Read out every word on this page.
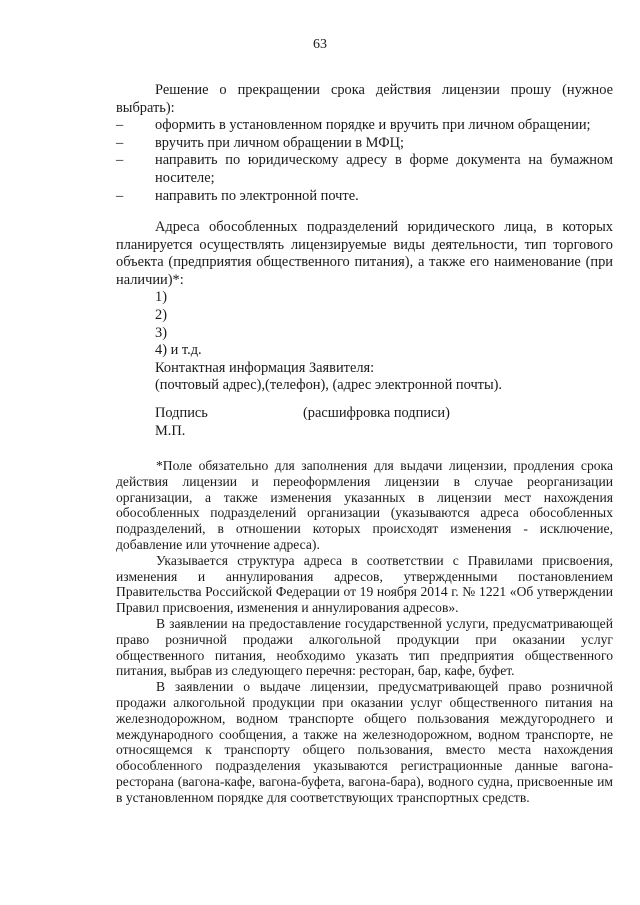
63
Решение о прекращении срока действия лицензии прошу (нужное выбрать):
–	оформить в установленном порядке и вручить при личном обращении;
–	вручить при личном обращении в МФЦ;
–	направить по юридическому адресу в форме документа на бумажном носителе;
–	направить по электронной почте.
Адреса обособленных подразделений юридического лица, в которых планируется осуществлять лицензируемые виды деятельности, тип торгового объекта (предприятия общественного питания), а также его наименование (при наличии)*:
1)
2)
3)
4) и т.д.
Контактная информация Заявителя:
(почтовый адрес),(телефон), (адрес электронной почты).
Подпись	(расшифровка подписи)
М.П.

*Поле обязательно для заполнения для выдачи лицензии, продления срока действия лицензии и переоформления лицензии в случае реорганизации организации, а также изменения указанных в лицензии мест нахождения обособленных подразделений организации (указываются адреса обособленных подразделений, в отношении которых происходят изменения - исключение, добавление или уточнение адреса).

Указывается структура адреса в соответствии с Правилами присвоения, изменения и аннулирования адресов, утвержденными постановлением Правительства Российской Федерации от 19 ноября 2014 г. № 1221 «Об утверждении Правил присвоения, изменения и аннулирования адресов».

В заявлении на предоставление государственной услуги, предусматривающей право розничной продажи алкогольной продукции при оказании услуг общественного питания, необходимо указать тип предприятия общественного питания, выбрав из следующего перечня: ресторан, бар, кафе, буфет.

В заявлении о выдаче лицензии, предусматривающей право розничной продажи алкогольной продукции при оказании услуг общественного питания на железнодорожном, водном транспорте общего пользования междугороднего и международного сообщения, а также на железнодорожном, водном транспорте, не относящемся к транспорту общего пользования, вместо места нахождения обособленного подразделения указываются регистрационные данные вагона-ресторана (вагона-кафе, вагона-буфета, вагона-бара), водного судна, присвоенные им в установленном порядке для соответствующих транспортных средств.
